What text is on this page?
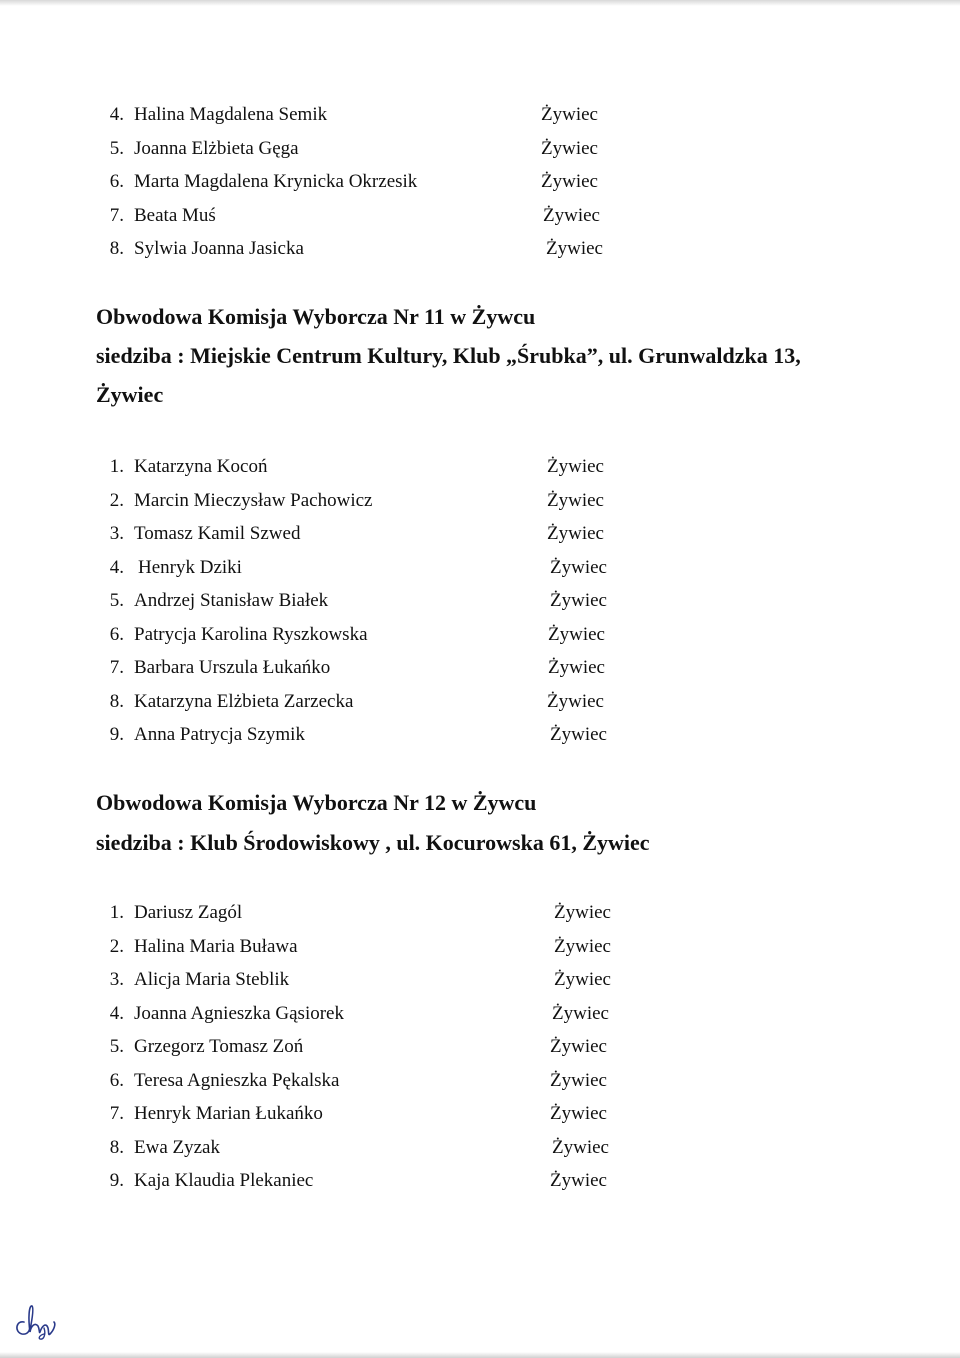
4. Halina Magdalena Semik	Żywiec
5. Joanna Elżbieta Gęga	Żywiec
6. Marta Magdalena Krynicka Okrzesik	Żywiec
7. Beata Muś	Żywiec
8. Sylwia Joanna Jasicka	Żywiec
Obwodowa Komisja Wyborcza Nr 11 w Żywcu
siedziba : Miejskie Centrum Kultury, Klub „Śrubka”, ul. Grunwaldzka 13,
Żywiec
1. Katarzyna Kocoń	Żywiec
2. Marcin Mieczysław Pachowicz	Żywiec
3. Tomasz Kamil Szwed	Żywiec
4. Henryk Dziki	Żywiec
5. Andrzej Stanisław Białek	Żywiec
6. Patrycja Karolina Ryszkowska	Żywiec
7. Barbara Urszula Łukańko	Żywiec
8. Katarzyna Elżbieta Zarzecka	Żywiec
9. Anna Patrycja Szymik	Żywiec
Obwodowa Komisja Wyborcza Nr 12 w Żywcu
siedziba : Klub Środowiskowy , ul. Kocurowska 61, Żywiec
1. Dariusz Zagól	Żywiec
2. Halina Maria Buława	Żywiec
3. Alicja Maria Steblik	Żywiec
4. Joanna Agnieszka Gąsiorek	Żywiec
5. Grzegorz Tomasz Zoń	Żywiec
6. Teresa Agnieszka Pękalska	Żywiec
7. Henryk Marian Łukańko	Żywiec
8. Ewa Zyzak	Żywiec
9. Kaja Klaudia Plekaniec	Żywiec
